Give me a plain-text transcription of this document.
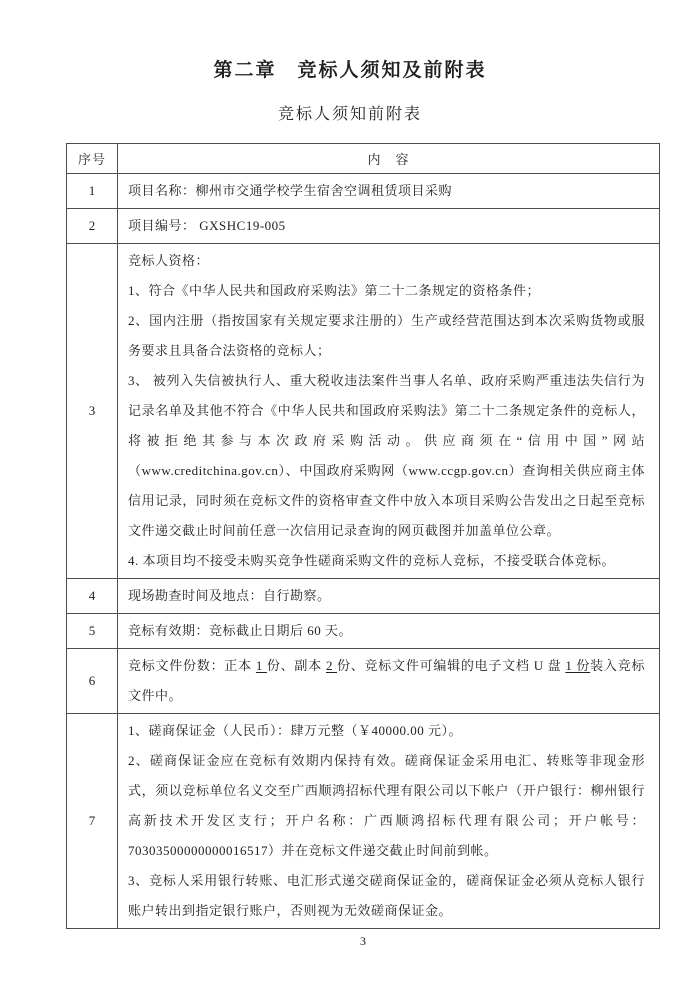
第二章　竞标人须知及前附表
竞标人须知前附表
序号	内　容
1	项目名称：柳州市交通学校学生宿舍空调租赁项目采购

2	项目编号： GXSHC19-005

3	竞标人资格：

1、符合《中华人民共和国政府采购法》第二十二条规定的资格条件；

2、国内注册（指按国家有关规定要求注册的）生产或经营范围达到本次采购货物或服务要求且具备合法资格的竞标人；

3、 被列入失信被执行人、重大税收违法案件当事人名单、政府采购严重违法失信行为记录名单及其他不符合《中华人民共和国政府采购法》第二十二条规定条件的竞标人，将被拒绝其参与本次政府采购活动。供应商须在“信用中国”网站（www.creditchina.gov.cn）、中国政府采购网（www.ccgp.gov.cn）查询相关供应商主体信用记录，同时须在竞标文件的资格审查文件中放入本项目采购公告发出之日起至竞标文件递交截止时间前任意一次信用记录查询的网页截图并加盖单位公章。

4. 本项目均不接受未购买竞争性磋商采购文件的竞标人竞标，不接受联合体竞标。

4	现场勘查时间及地点：自行勘察。

5	竞标有效期：竞标截止日期后 60 天。

6	竞标文件份数：正本 1 份、副本 2 份、竞标文件可编辑的电子文档 U 盘 1 份装入竞标文件中。

7	1、磋商保证金（人民币）：肆万元整（￥40000.00 元）。

2、磋商保证金应在竞标有效期内保持有效。磋商保证金采用电汇、转账等非现金形式，须以竞标单位名义交至广西顺鸿招标代理有限公司以下帐户（开户银行：柳州银行高新技术开发区支行；开户名称：广西顺鸿招标代理有限公司；开户帐号：70303500000000016517）并在竞标文件递交截止时间前到帐。

3、竞标人采用银行转账、电汇形式递交磋商保证金的，磋商保证金必须从竞标人银行账户转出到指定银行账户，否则视为无效磋商保证金。

3
